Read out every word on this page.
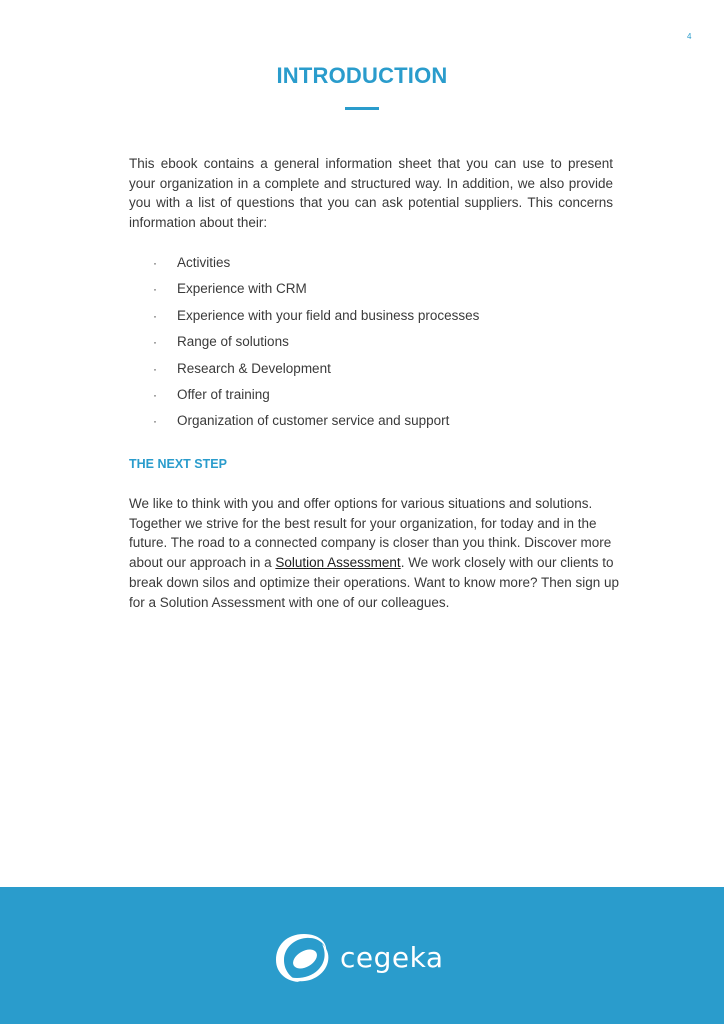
4
INTRODUCTION

This ebook contains a general information sheet that you can use to present your organization in a complete and structured way. In addition, we also provide you with a list of questions that you can ask potential suppliers. This concerns information about their:

· Activities
· Experience with CRM
· Experience with your field and business processes
· Range of solutions
· Research & Development
· Offer of training
· Organization of customer service and support
THE NEXT STEP

We like to think with you and offer options for various situations and solutions. Together we strive for the best result for your organization, for today and in the future. The road to a connected company is closer than you think. Discover more about our approach in a Solution Assessment. We work closely with our clients to break down silos and optimize their operations. Want to know more? Then sign up for a Solution Assessment with one of our colleagues.

cegeka
